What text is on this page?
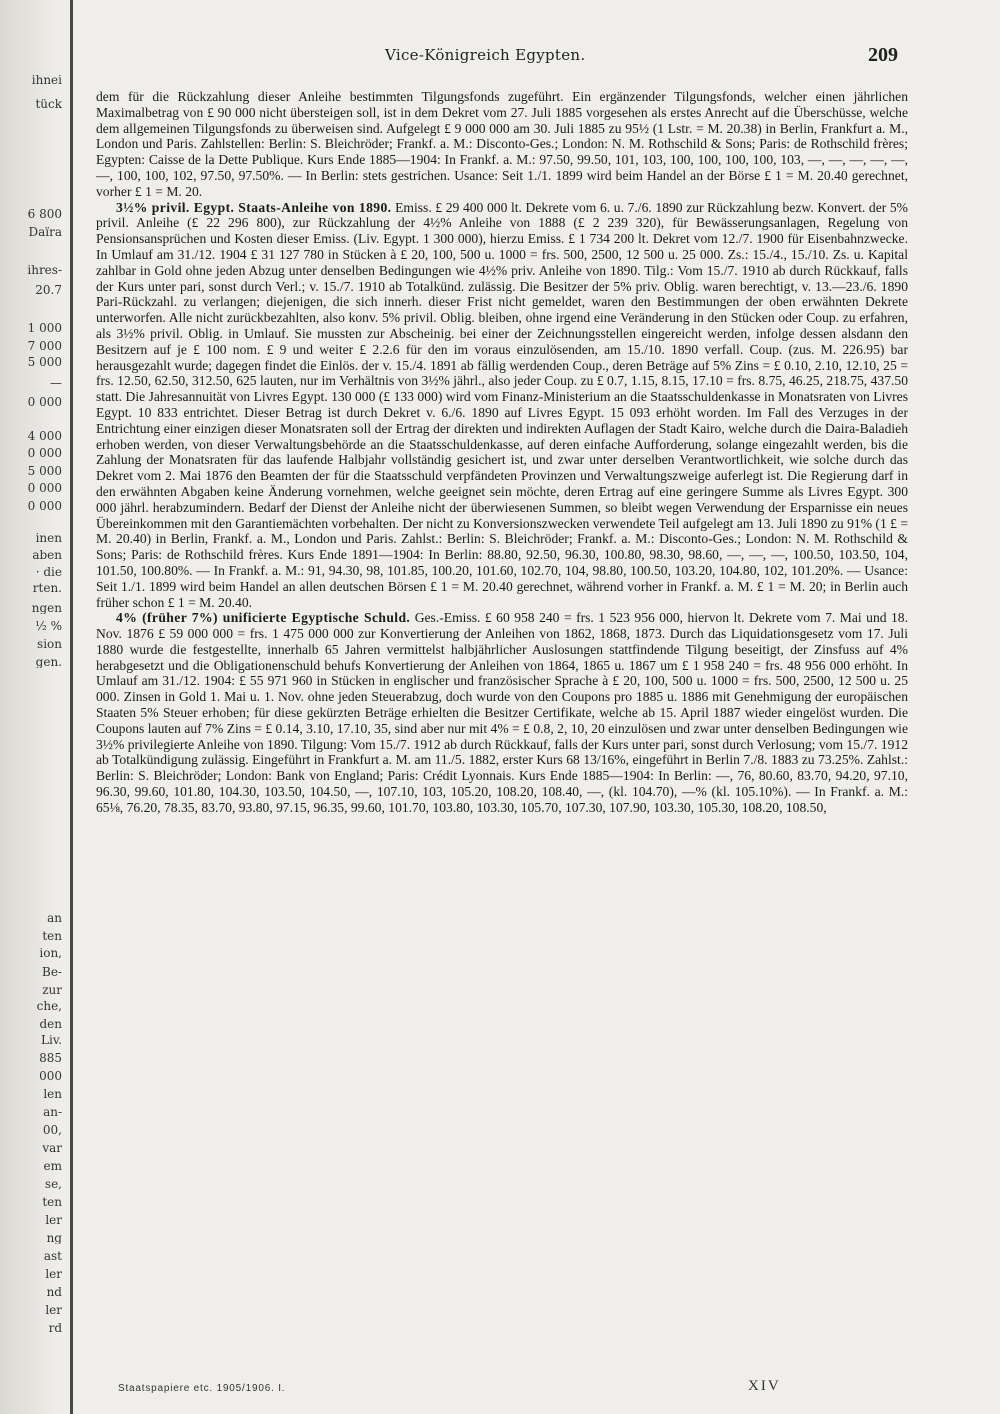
ihnei
tück
6 800
Daïra
ihres-
20.7
1 000
7 000
5 000
—
0 000
4 000
0 000
5 000
0 000
0 000
inen
aben
· die
rten.
ngen
½ %
sion
gen.
an
ten
ion,
Be-
zur
che,
den
Liv.
885
000
len
an-
00,
var
em
se,
ten
ler
ng
ast
ler
nd
ler
rd
Vice-Königreich Egypten.	209

dem für die Rückzahlung dieser Anleihe bestimmten Tilgungsfonds zugeführt. Ein ergänzender Tilgungsfonds, welcher einen jährlichen Maximalbetrag von £ 90 000 nicht übersteigen soll, ist in dem Dekret vom 27. Juli 1885 vorgesehen als erstes Anrecht auf die Überschüsse, welche dem allgemeinen Tilgungsfonds zu überweisen sind. Aufgelegt £ 9 000 000 am 30. Juli 1885 zu 95½ (1 Lstr. = M. 20.38) in Berlin, Frankfurt a. M., London und Paris. Zahlstellen: Berlin: S. Bleichröder; Frankf. a. M.: Disconto-Ges.; London: N. M. Rothschild & Sons; Paris: de Rothschild frères; Egypten: Caisse de la Dette Publique. Kurs Ende 1885—1904: In Frankf. a. M.: 97.50, 99.50, 101, 103, 100, 100, 100, 100, 103, —, —, —, —, —, —, 100, 100, 102, 97.50, 97.50%. — In Berlin: stets gestrichen. Usance: Seit 1./1. 1899 wird beim Handel an der Börse £ 1 = M. 20.40 gerechnet, vorher £ 1 = M. 20.

3½% privil. Egypt. Staats-Anleihe von 1890. Emiss. £ 29 400 000 lt. Dekrete vom 6. u. 7./6. 1890 zur Rückzahlung bezw. Konvert. der 5% privil. Anleihe (£ 22 296 800), zur Rückzahlung der 4½% Anleihe von 1888 (£ 2 239 320), für Bewässerungsanlagen, Regelung von Pensionsansprüchen und Kosten dieser Emiss. (Liv. Egypt. 1 300 000), hierzu Emiss. £ 1 734 200 lt. Dekret vom 12./7. 1900 für Eisenbahnzwecke. In Umlauf am 31./12. 1904 £ 31 127 780 in Stücken à £ 20, 100, 500 u. 1000 = frs. 500, 2500, 12 500 u. 25 000. Zs.: 15./4., 15./10. Zs. u. Kapital zahlbar in Gold ohne jeden Abzug unter denselben Bedingungen wie 4½% priv. Anleihe von 1890. Tilg.: Vom 15./7. 1910 ab durch Rückkauf, falls der Kurs unter pari, sonst durch Verl.; v. 15./7. 1910 ab Totalkünd. zulässig. Die Besitzer der 5% priv. Oblig. waren berechtigt, v. 13.—23./6. 1890 Pari-Rückzahl. zu verlangen; diejenigen, die sich innerh. dieser Frist nicht gemeldet, waren den Bestimmungen der oben erwähnten Dekrete unterworfen. Alle nicht zurückbezahlten, also konv. 5% privil. Oblig. bleiben, ohne irgend eine Veränderung in den Stücken oder Coup. zu erfahren, als 3½% privil. Oblig. in Umlauf. Sie mussten zur Abscheinig. bei einer der Zeichnungsstellen eingereicht werden, infolge dessen alsdann den Besitzern auf je £ 100 nom. £ 9 und weiter £ 2.2.6 für den im voraus einzulösenden, am 15./10. 1890 verfall. Coup. (zus. M. 226.95) bar herausgezahlt wurde; dagegen findet die Einlös. der v. 15./4. 1891 ab fällig werdenden Coup., deren Beträge auf 5% Zins = £ 0.10, 2.10, 12.10, 25 = frs. 12.50, 62.50, 312.50, 625 lauten, nur im Verhältnis von 3½% jährl., also jeder Coup. zu £ 0.7, 1.15, 8.15, 17.10 = frs. 8.75, 46.25, 218.75, 437.50 statt. Die Jahresannuität von Livres Egypt. 130 000 (£ 133 000) wird vom Finanz-Ministerium an die Staatsschuldenkasse in Monatsraten von Livres Egypt. 10 833 entrichtet. Dieser Betrag ist durch Dekret v. 6./6. 1890 auf Livres Egypt. 15 093 erhöht worden. Im Fall des Verzuges in der Entrichtung einer einzigen dieser Monatsraten soll der Ertrag der direkten und indirekten Auflagen der Stadt Kairo, welche durch die Daira-Baladieh erhoben werden, von dieser Verwaltungsbehörde an die Staatsschuldenkasse, auf deren einfache Aufforderung, solange eingezahlt werden, bis die Zahlung der Monatsraten für das laufende Halbjahr vollständig gesichert ist, und zwar unter derselben Verantwortlichkeit, wie solche durch das Dekret vom 2. Mai 1876 den Beamten der für die Staatsschuld verpfändeten Provinzen und Verwaltungszweige auferlegt ist. Die Regierung darf in den erwähnten Abgaben keine Änderung vornehmen, welche geeignet sein möchte, deren Ertrag auf eine geringere Summe als Livres Egypt. 300 000 jährl. herabzumindern. Bedarf der Dienst der Anleihe nicht der überwiesenen Summen, so bleibt wegen Verwendung der Ersparnisse ein neues Übereinkommen mit den Garantiemächten vorbehalten. Der nicht zu Konversionszwecken verwendete Teil aufgelegt am 13. Juli 1890 zu 91% (1 £ = M. 20.40) in Berlin, Frankf. a. M., London und Paris. Zahlst.: Berlin: S. Bleichröder; Frankf. a. M.: Disconto-Ges.; London: N. M. Rothschild & Sons; Paris: de Rothschild frères. Kurs Ende 1891—1904: In Berlin: 88.80, 92.50, 96.30, 100.80, 98.30, 98.60, —, —, —, 100.50, 103.50, 104, 101.50, 100.80%. — In Frankf. a. M.: 91, 94.30, 98, 101.85, 100.20, 101.60, 102.70, 104, 98.80, 100.50, 103.20, 104.80, 102, 101.20%. — Usance: Seit 1./1. 1899 wird beim Handel an allen deutschen Börsen £ 1 = M. 20.40 gerechnet, während vorher in Frankf. a. M. £ 1 = M. 20; in Berlin auch früher schon £ 1 = M. 20.40.

4% (früher 7%) unificierte Egyptische Schuld. Ges.-Emiss. £ 60 958 240 = frs. 1 523 956 000, hiervon lt. Dekrete vom 7. Mai und 18. Nov. 1876 £ 59 000 000 = frs. 1 475 000 000 zur Konvertierung der Anleihen von 1862, 1868, 1873. Durch das Liquidationsgesetz vom 17. Juli 1880 wurde die festgestellte, innerhalb 65 Jahren vermittelst halbjährlicher Auslosungen stattfindende Tilgung beseitigt, der Zinsfuss auf 4% herabgesetzt und die Obligationenschuld behufs Konvertierung der Anleihen von 1864, 1865 u. 1867 um £ 1 958 240 = frs. 48 956 000 erhöht. In Umlauf am 31./12. 1904: £ 55 971 960 in Stücken in englischer und französischer Sprache à £ 20, 100, 500 u. 1000 = frs. 500, 2500, 12 500 u. 25 000. Zinsen in Gold 1. Mai u. 1. Nov. ohne jeden Steuerabzug, doch wurde von den Coupons pro 1885 u. 1886 mit Genehmigung der europäischen Staaten 5% Steuer erhoben; für diese gekürzten Beträge erhielten die Besitzer Certifikate, welche ab 15. April 1887 wieder eingelöst wurden. Die Coupons lauten auf 7% Zins = £ 0.14, 3.10, 17.10, 35, sind aber nur mit 4% = £ 0.8, 2, 10, 20 einzulösen und zwar unter denselben Bedingungen wie 3½% privilegierte Anleihe von 1890. Tilgung: Vom 15./7. 1912 ab durch Rückkauf, falls der Kurs unter pari, sonst durch Verlosung; vom 15./7. 1912 ab Totalkündigung zulässig. Eingeführt in Frankfurt a. M. am 11./5. 1882, erster Kurs 68 13/16%, eingeführt in Berlin 7./8. 1883 zu 73.25%. Zahlst.: Berlin: S. Bleichröder; London: Bank von England; Paris: Crédit Lyonnais. Kurs Ende 1885—1904: In Berlin: —, 76, 80.60, 83.70, 94.20, 97.10, 96.30, 99.60, 101.80, 104.30, 103.50, 104.50, —, 107.10, 103, 105.20, 108.20, 108.40, —, (kl. 104.70), —% (kl. 105.10%). — In Frankf. a. M.: 65⅛, 76.20, 78.35, 83.70, 93.80, 97.15, 96.35, 99.60, 101.70, 103.80, 103.30, 105.70, 107.30, 107.90, 103.30, 105.30, 108.20, 108.50,

Staatspapiere etc. 1905/1906. I.	XIV
